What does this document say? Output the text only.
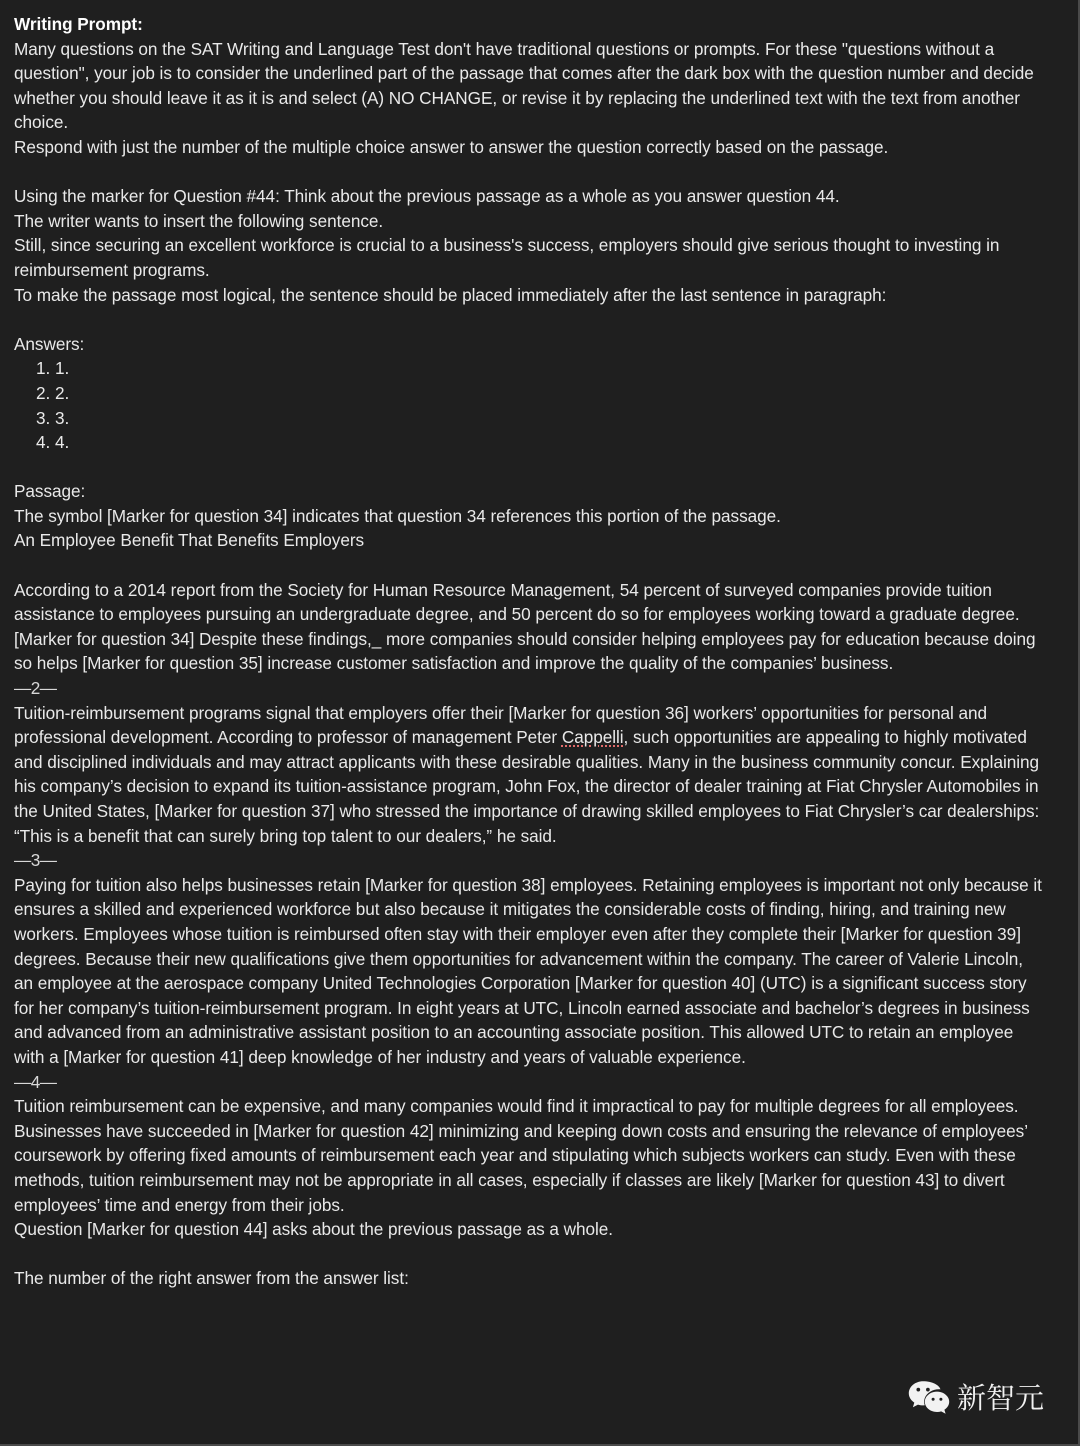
Writing Prompt:

Many questions on the SAT Writing and Language Test don't have traditional questions or prompts. For these "questions without a question", your job is to consider the underlined part of the passage that comes after the dark box with the question number and decide whether you should leave it as it is and select (A) NO CHANGE, or revise it by replacing the underlined text with the text from another choice.

Respond with just the number of the multiple choice answer to answer the question correctly based on the passage.

Using the marker for Question #44: Think about the previous passage as a whole as you answer question 44.

The writer wants to insert the following sentence.

Still, since securing an excellent workforce is crucial to a business's success, employers should give serious thought to investing in reimbursement programs.

To make the passage most logical, the sentence should be placed immediately after the last sentence in paragraph:

Answers:
1. 1.
2. 2.
3. 3.
4. 4.
Passage:

The symbol [Marker for question 34] indicates that question 34 references this portion of the passage.

An Employee Benefit That Benefits Employers

According to a 2014 report from the Society for Human Resource Management, 54 percent of surveyed companies provide tuition assistance to employees pursuing an undergraduate degree, and 50 percent do so for employees working toward a graduate degree. [Marker for question 34] Despite these findings,_ more companies should consider helping employees pay for education because doing so helps [Marker for question 35] increase customer satisfaction and improve the quality of the companies’ business.

—2—

Tuition-reimbursement programs signal that employers offer their [Marker for question 36] workers’ opportunities for personal and professional development. According to professor of management Peter Cappelli, such opportunities are appealing to highly motivated and disciplined individuals and may attract applicants with these desirable qualities. Many in the business community concur. Explaining his company’s decision to expand its tuition-assistance program, John Fox, the director of dealer training at Fiat Chrysler Automobiles in the United States, [Marker for question 37] who stressed the importance of drawing skilled employees to Fiat Chrysler’s car dealerships: “This is a benefit that can surely bring top talent to our dealers,” he said.

—3—

Paying for tuition also helps businesses retain [Marker for question 38] employees. Retaining employees is important not only because it ensures a skilled and experienced workforce but also because it mitigates the considerable costs of finding, hiring, and training new workers. Employees whose tuition is reimbursed often stay with their employer even after they complete their [Marker for question 39] degrees. Because their new qualifications give them opportunities for advancement within the company. The career of Valerie Lincoln, an employee at the aerospace company United Technologies Corporation [Marker for question 40] (UTC) is a significant success story for her company’s tuition-reimbursement program. In eight years at UTC, Lincoln earned associate and bachelor’s degrees in business and advanced from an administrative assistant position to an accounting associate position. This allowed UTC to retain an employee with a [Marker for question 41] deep knowledge of her industry and years of valuable experience.

—4—

Tuition reimbursement can be expensive, and many companies would find it impractical to pay for multiple degrees for all employees. Businesses have succeeded in [Marker for question 42] minimizing and keeping down costs and ensuring the relevance of employees’ coursework by offering fixed amounts of reimbursement each year and stipulating which subjects workers can study. Even with these methods, tuition reimbursement may not be appropriate in all cases, especially if classes are likely [Marker for question 43] to divert employees’ time and energy from their jobs.

Question [Marker for question 44] asks about the previous passage as a whole.

The number of the right answer from the answer list:

新智元
